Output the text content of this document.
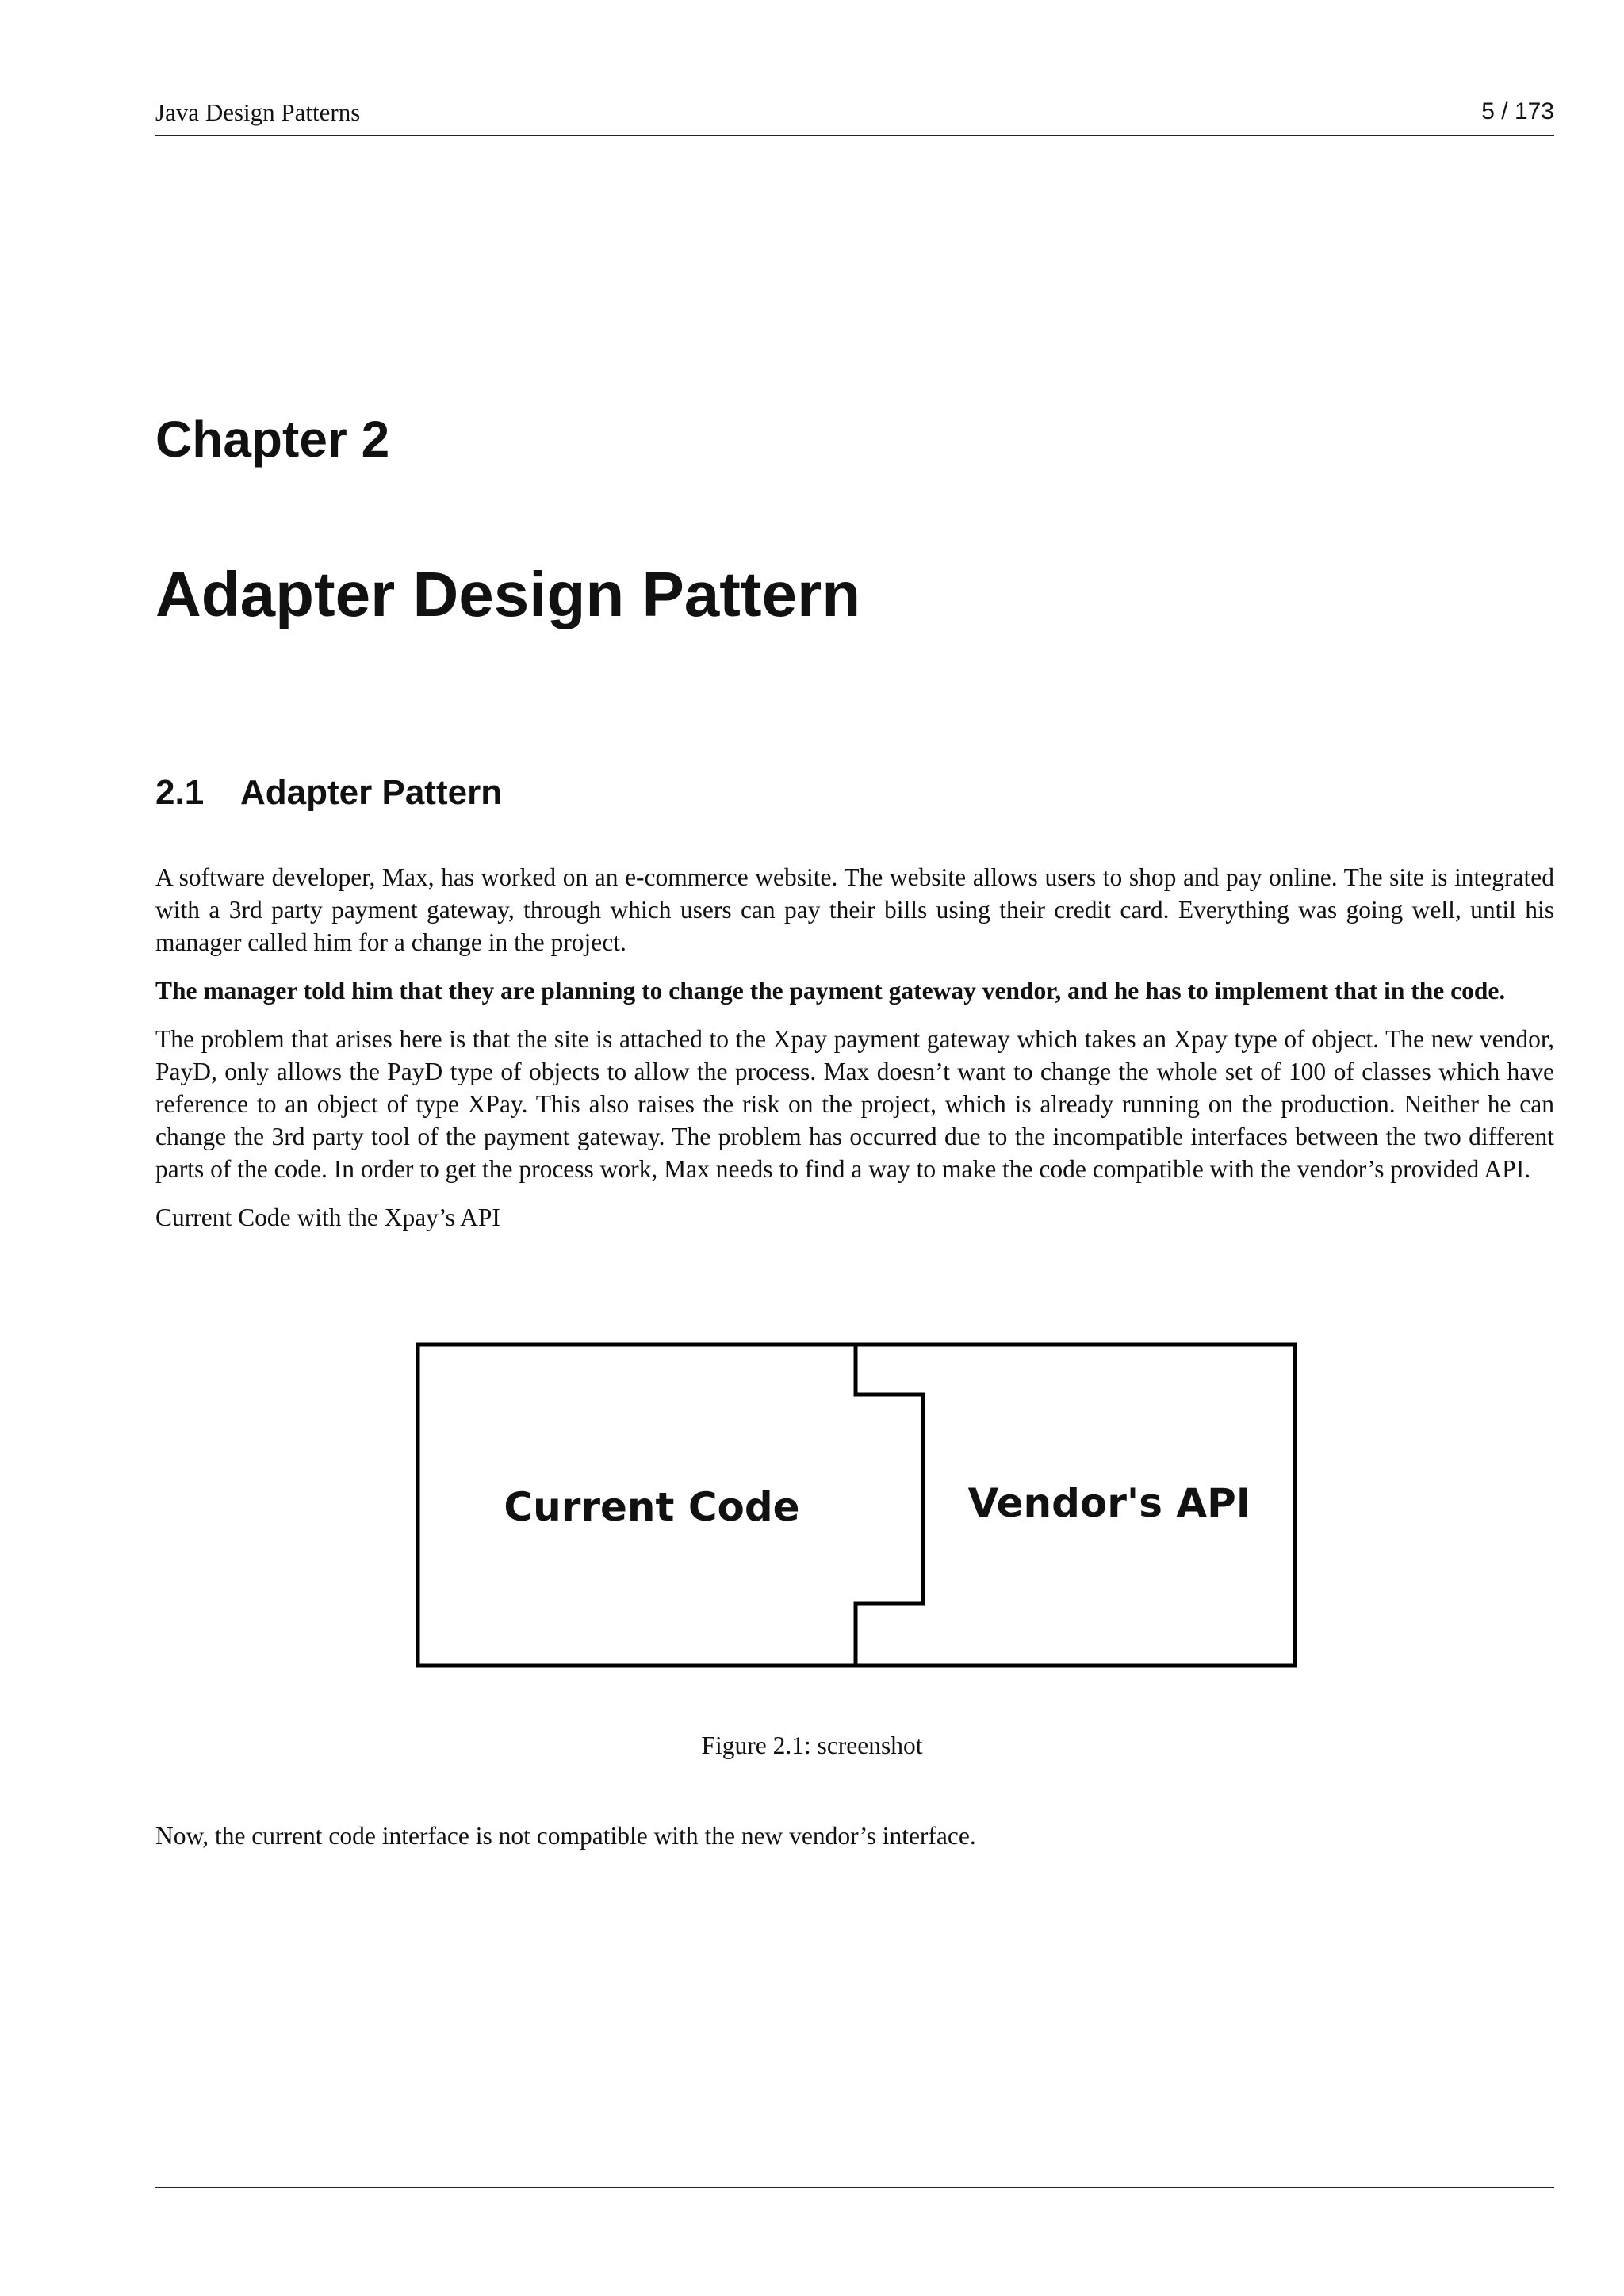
Java Design Patterns	5 / 173
Chapter 2
Adapter Design Pattern
2.1 Adapter Pattern

A software developer, Max, has worked on an e-commerce website. The website allows users to shop and pay online. The site is integrated with a 3rd party payment gateway, through which users can pay their bills using their credit card. Everything was going well, until his manager called him for a change in the project.

The manager told him that they are planning to change the payment gateway vendor, and he has to implement that in the code.

The problem that arises here is that the site is attached to the Xpay payment gateway which takes an Xpay type of object. The new vendor, PayD, only allows the PayD type of objects to allow the process. Max doesn’t want to change the whole set of 100 of classes which have reference to an object of type XPay. This also raises the risk on the project, which is already running on the production. Neither he can change the 3rd party tool of the payment gateway. The problem has occurred due to the incompatible interfaces between the two different parts of the code. In order to get the process work, Max needs to find a way to make the code compatible with the vendor’s provided API.

Current Code with the Xpay’s API

Current Code	Vendor's API
Figure 2.1: screenshot
Now, the current code interface is not compatible with the new vendor’s interface.
